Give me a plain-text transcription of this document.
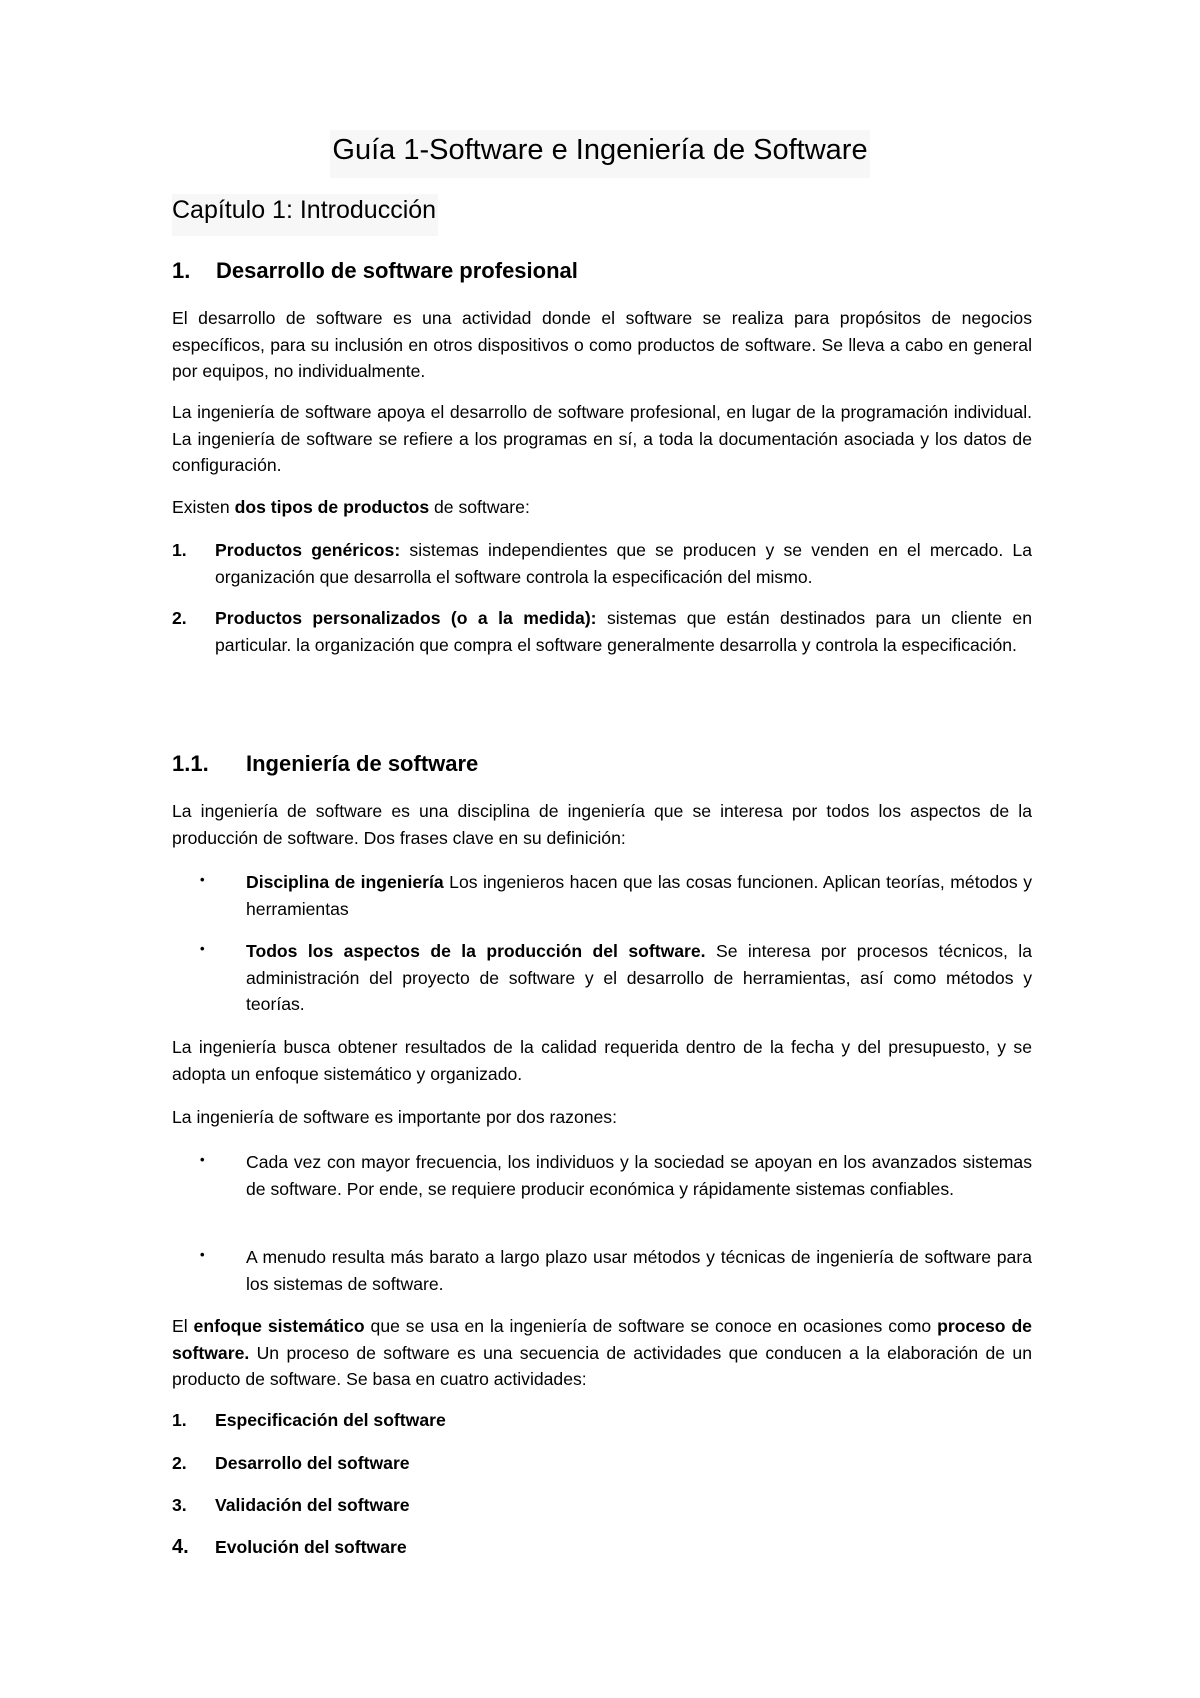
Guía 1-Software e Ingeniería de Software
Capítulo 1: Introducción
1.	Desarrollo de software profesional

El desarrollo de software es una actividad donde el software se realiza para propósitos de negocios específicos, para su inclusión en otros dispositivos o como productos de software. Se lleva a cabo en general por equipos, no individualmente.

La ingeniería de software apoya el desarrollo de software profesional, en lugar de la programación individual. La ingeniería de software se refiere a los programas en sí, a toda la documentación asociada y los datos de configuración.

Existen dos tipos de productos de software:

1.	Productos genéricos: sistemas independientes que se producen y se venden en el mercado. La organización que desarrolla el software controla la especificación del mismo.
2.	Productos personalizados (o a la medida): sistemas que están destinados para un cliente en particular. la organización que compra el software generalmente desarrolla y controla la especificación.
1.1.	Ingeniería de software

La ingeniería de software es una disciplina de ingeniería que se interesa por todos los aspectos de la producción de software. Dos frases clave en su definición:

•	Disciplina de ingeniería Los ingenieros hacen que las cosas funcionen. Aplican teorías, métodos y herramientas
•	Todos los aspectos de la producción del software. Se interesa por procesos técnicos, la administración del proyecto de software y el desarrollo de herramientas, así como métodos y teorías.

La ingeniería busca obtener resultados de la calidad requerida dentro de la fecha y del presupuesto, y se adopta un enfoque sistemático y organizado.

La ingeniería de software es importante por dos razones:

•	Cada vez con mayor frecuencia, los individuos y la sociedad se apoyan en los avanzados sistemas de software. Por ende, se requiere producir económica y rápidamente sistemas confiables.
•	A menudo resulta más barato a largo plazo usar métodos y técnicas de ingeniería de software para los sistemas de software.

El enfoque sistemático que se usa en la ingeniería de software se conoce en ocasiones como proceso de software. Un proceso de software es una secuencia de actividades que conducen a la elaboración de un producto de software. Se basa en cuatro actividades:

1.	Especificación del software
2.	Desarrollo del software
3.	Validación del software
4.	Evolución del software
